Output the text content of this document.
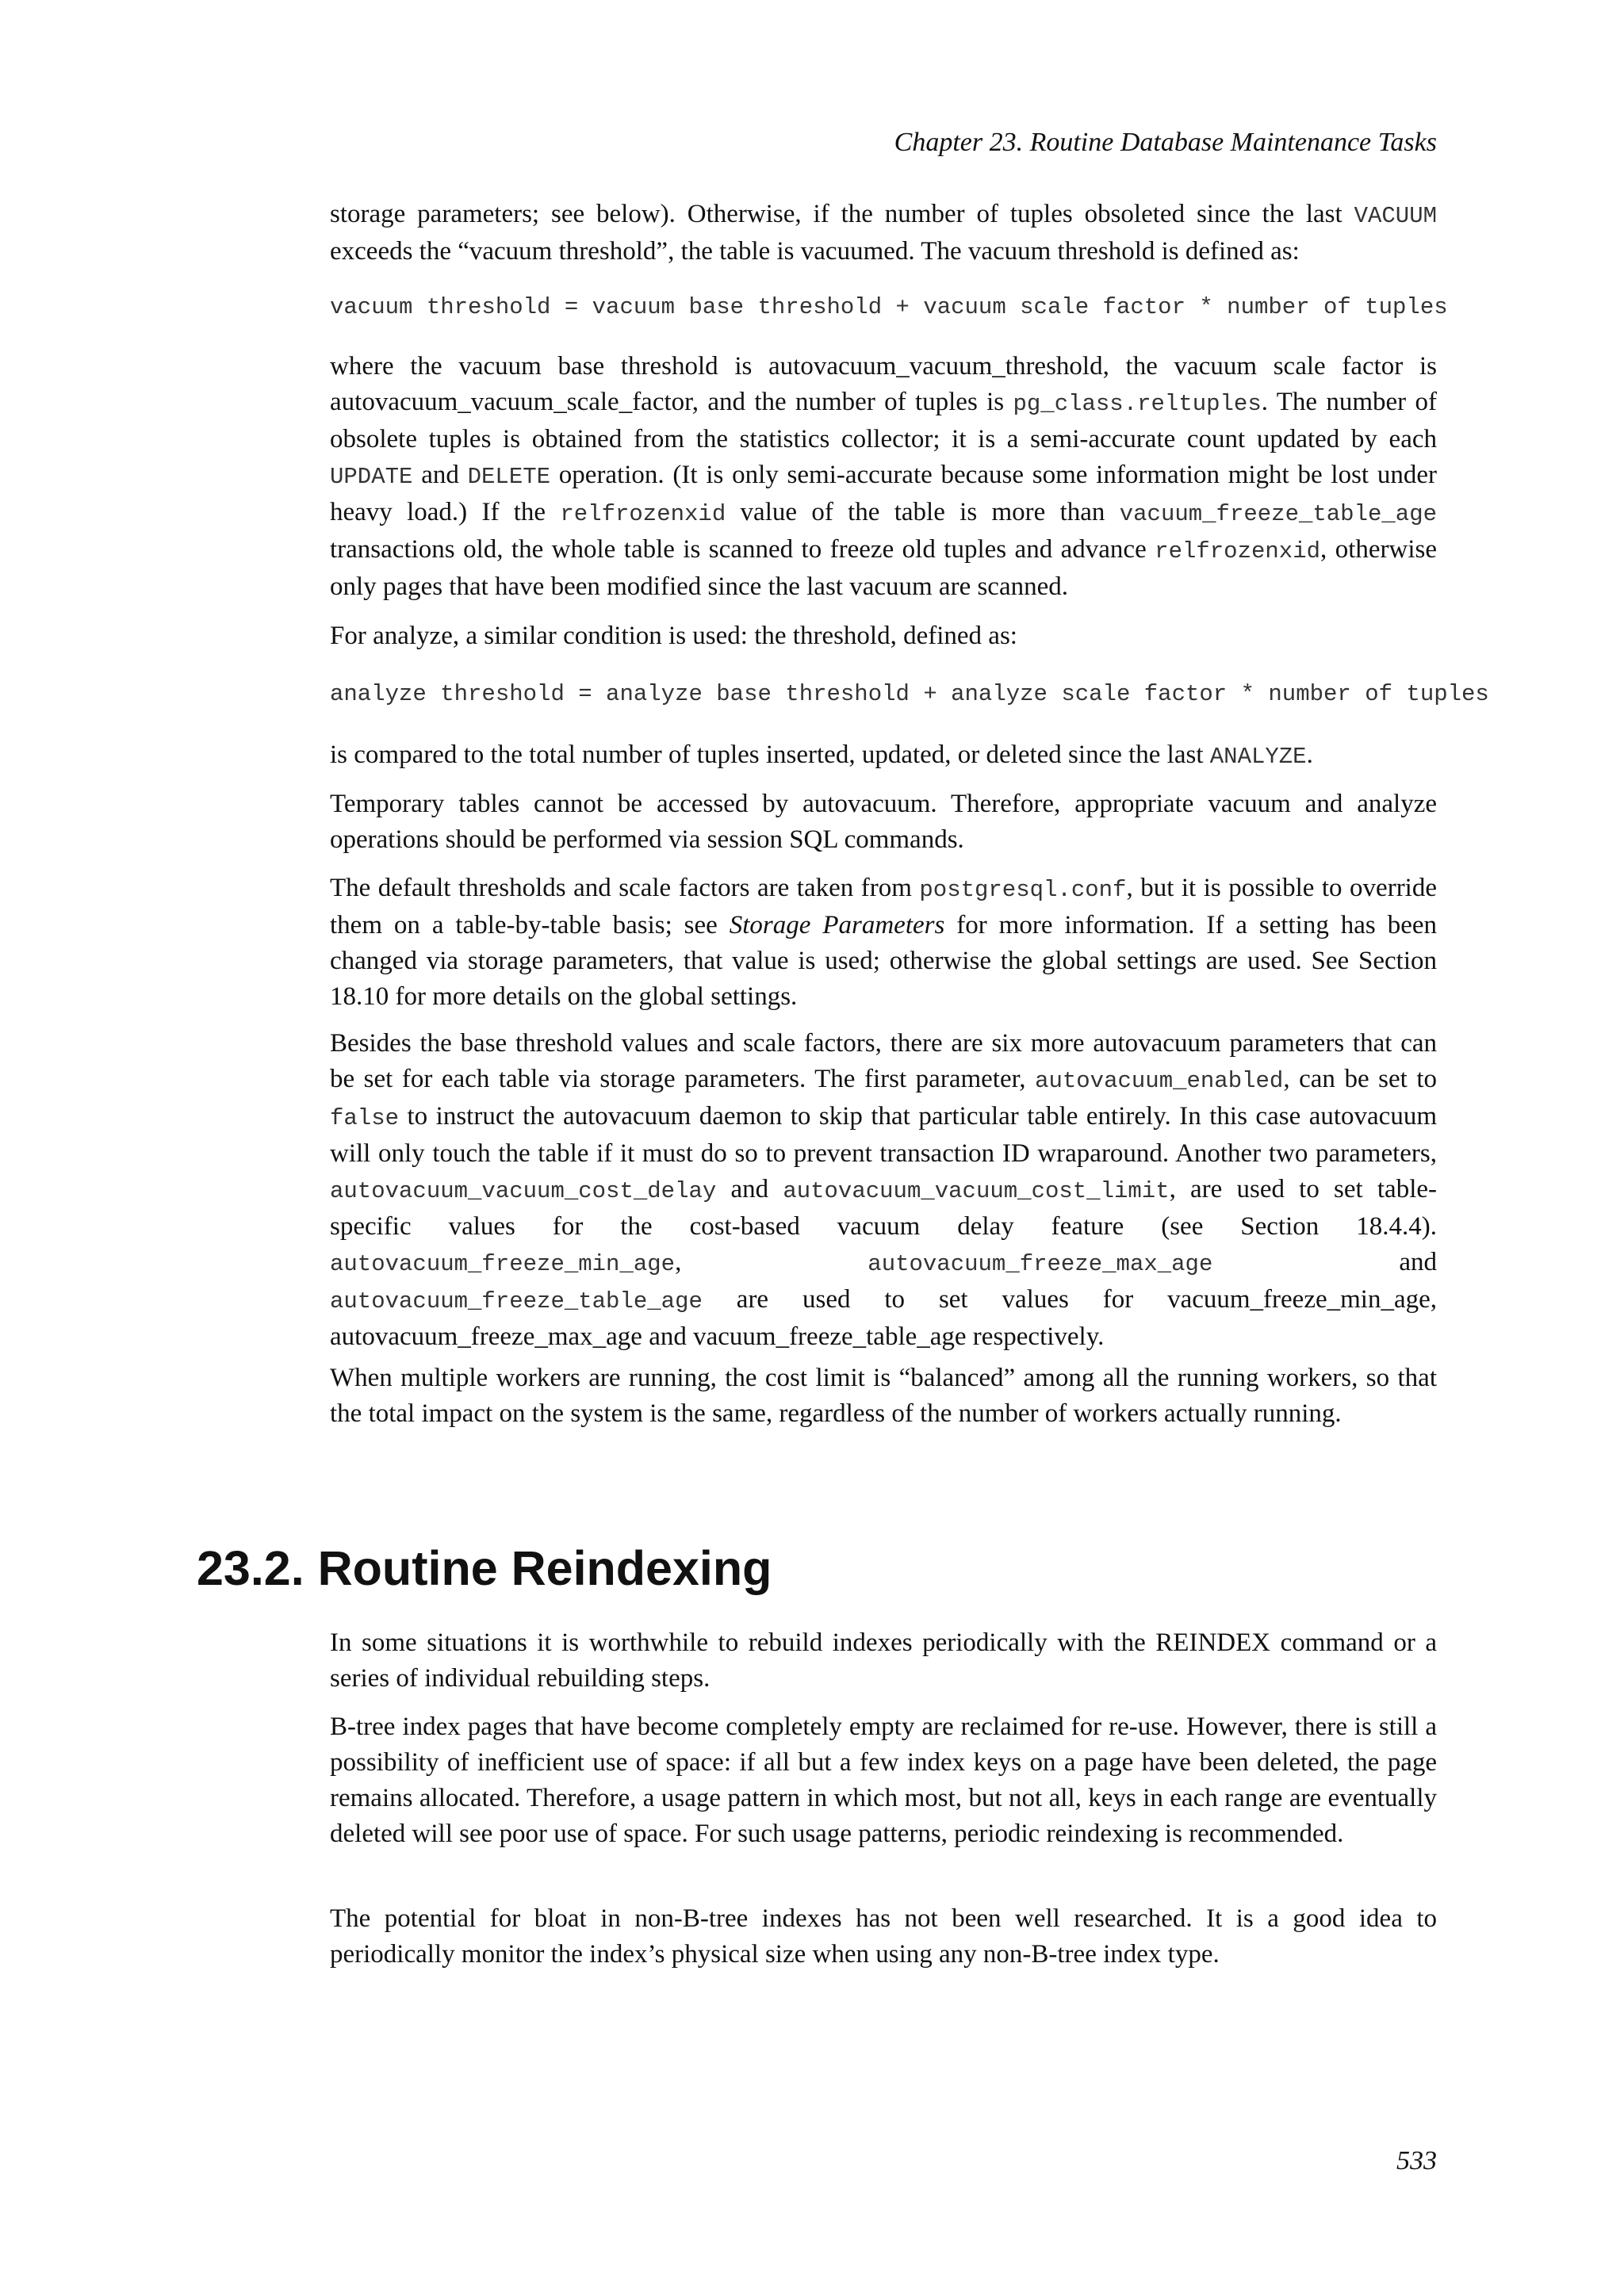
Chapter 23. Routine Database Maintenance Tasks

storage parameters; see below). Otherwise, if the number of tuples obsoleted since the last VACUUM exceeds the “vacuum threshold”, the table is vacuumed. The vacuum threshold is defined as:

vacuum threshold = vacuum base threshold + vacuum scale factor * number of tuples

where the vacuum base threshold is autovacuum_vacuum_threshold, the vacuum scale factor is autovacuum_vacuum_scale_factor, and the number of tuples is pg_class.reltuples. The number of obsolete tuples is obtained from the statistics collector; it is a semi-accurate count updated by each UPDATE and DELETE operation. (It is only semi-accurate because some information might be lost under heavy load.) If the relfrozenxid value of the table is more than vacuum_freeze_table_age transactions old, the whole table is scanned to freeze old tuples and advance relfrozenxid, otherwise only pages that have been modified since the last vacuum are scanned.

For analyze, a similar condition is used: the threshold, defined as:

analyze threshold = analyze base threshold + analyze scale factor * number of tuples

is compared to the total number of tuples inserted, updated, or deleted since the last ANALYZE.

Temporary tables cannot be accessed by autovacuum. Therefore, appropriate vacuum and analyze operations should be performed via session SQL commands.

The default thresholds and scale factors are taken from postgresql.conf, but it is possible to override them on a table-by-table basis; see Storage Parameters for more information. If a setting has been changed via storage parameters, that value is used; otherwise the global settings are used. See Section 18.10 for more details on the global settings.

Besides the base threshold values and scale factors, there are six more autovacuum parameters that can be set for each table via storage parameters. The first parameter, autovacuum_enabled, can be set to false to instruct the autovacuum daemon to skip that particular table entirely. In this case autovacuum will only touch the table if it must do so to prevent transaction ID wraparound. Another two parameters, autovacuum_vacuum_cost_delay and autovacuum_vacuum_cost_limit, are used to set table-specific values for the cost-based vacuum delay feature (see Section 18.4.4). autovacuum_freeze_min_age, autovacuum_freeze_max_age and autovacuum_freeze_table_age are used to set values for vacuum_freeze_min_age, autovacuum_freeze_max_age and vacuum_freeze_table_age respectively.

When multiple workers are running, the cost limit is “balanced” among all the running workers, so that the total impact on the system is the same, regardless of the number of workers actually running.

23.2. Routine Reindexing

In some situations it is worthwhile to rebuild indexes periodically with the REINDEX command or a series of individual rebuilding steps.

B-tree index pages that have become completely empty are reclaimed for re-use. However, there is still a possibility of inefficient use of space: if all but a few index keys on a page have been deleted, the page remains allocated. Therefore, a usage pattern in which most, but not all, keys in each range are eventually deleted will see poor use of space. For such usage patterns, periodic reindexing is recommended.

The potential for bloat in non-B-tree indexes has not been well researched. It is a good idea to periodically monitor the index’s physical size when using any non-B-tree index type.

533
